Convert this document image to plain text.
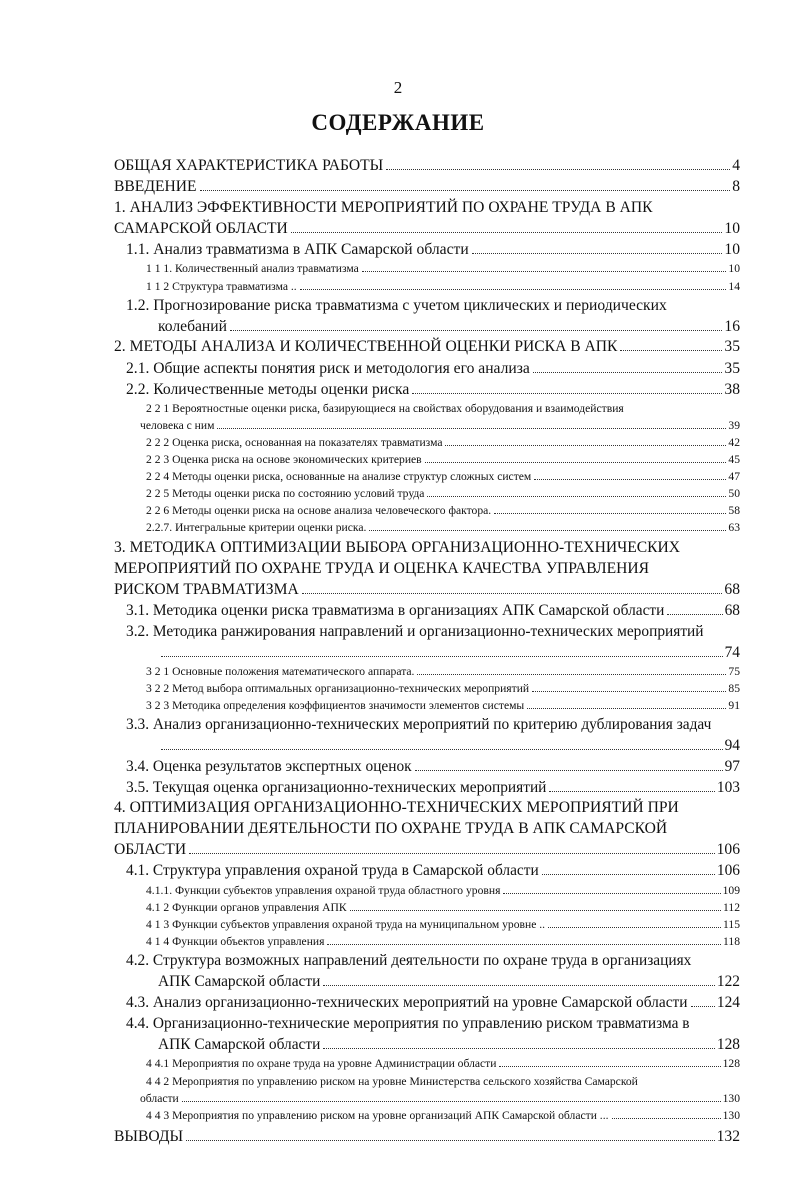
2
СОДЕРЖАНИЕ
ОБЩАЯ ХАРАКТЕРИСТИКА РАБОТЫ	4
ВВЕДЕНИЕ	8
1. АНАЛИЗ ЭФФЕКТИВНОСТИ МЕРОПРИЯТИЙ ПО ОХРАНЕ ТРУДА В АПК
САМАРСКОЙ ОБЛАСТИ	10
1.1. Анализ травматизма в АПК Самарской области	10
1 1 1. Количественный анализ травматизма	10
1 1 2 Структура травматизма ..	14
1.2. Прогнозирование риска травматизма с учетом циклических и периодических
колебаний	16
2. МЕТОДЫ АНАЛИЗА И КОЛИЧЕСТВЕННОЙ ОЦЕНКИ РИСКА В АПК	35
2.1. Общие аспекты понятия риск и методология его анализа	35
2.2. Количественные методы оценки риска	38
2 2 1 Вероятностные оценки риска, базирующиеся на свойствах оборудования и взаимодействия
человека с ним	39
2 2 2 Оценка риска, основанная на показателях травматизма	42
2 2 3 Оценка риска на основе экономических критериев	45
2 2 4 Методы оценки риска, основанные на анализе структур сложных систем	47
2 2 5 Методы оценки риска по состоянию условий труда	50
2 2 6 Методы оценки риска на основе анализа человеческого фактора.	58
2.2.7. Интегральные критерии оценки риска.	63
3. МЕТОДИКА ОПТИМИЗАЦИИ ВЫБОРА ОРГАНИЗАЦИОННО-ТЕХНИЧЕСКИХ
МЕРОПРИЯТИЙ ПО ОХРАНЕ ТРУДА И ОЦЕНКА КАЧЕСТВА УПРАВЛЕНИЯ
РИСКОМ ТРАВМАТИЗМА	68
3.1. Методика оценки риска травматизма в организациях АПК Самарской области	68
3.2. Методика ранжирования направлений и организационно-технических мероприятий
74
3 2 1 Основные положения математического аппарата.	75
3 2 2 Метод выбора оптимальных организационно-технических мероприятий	85
3 2 3 Методика определения коэффициентов значимости элементов системы	91
3.3. Анализ организационно-технических мероприятий по критерию дублирования задач
94
3.4. Оценка результатов экспертных оценок	97
3.5. Текущая оценка организационно-технических мероприятий	103
4. ОПТИМИЗАЦИЯ ОРГАНИЗАЦИОННО-ТЕХНИЧЕСКИХ МЕРОПРИЯТИЙ ПРИ
ПЛАНИРОВАНИИ ДЕЯТЕЛЬНОСТИ ПО ОХРАНЕ ТРУДА В АПК САМАРСКОЙ
ОБЛАСТИ	106
4.1. Структура управления охраной труда в Самарской области	106
4.1.1. Функции субъектов управления охраной труда областного уровня	109
4.1 2 Функции органов управления АПК	112
4 1 3 Функции субъектов управления охраной труда на муниципальном уровне ..	115
4 1 4 Функции объектов управления	118
4.2. Структура возможных направлений деятельности по охране труда в организациях
АПК Самарской области	122
4.3. Анализ организационно-технических мероприятий на уровне Самарской области 124
4.4. Организационно-технические мероприятия по управлению риском травматизма в
АПК Самарской области	128
4 4.1 Мероприятия по охране труда на уровне Администрации области	128
4 4 2 Мероприятия по управлению риском на уровне Министерства сельского хозяйства Самарской
области	130
4 4 3 Мероприятия по управлению риском на уровне организаций АПК Самарской области ...	130
ВЫВОДЫ	132
